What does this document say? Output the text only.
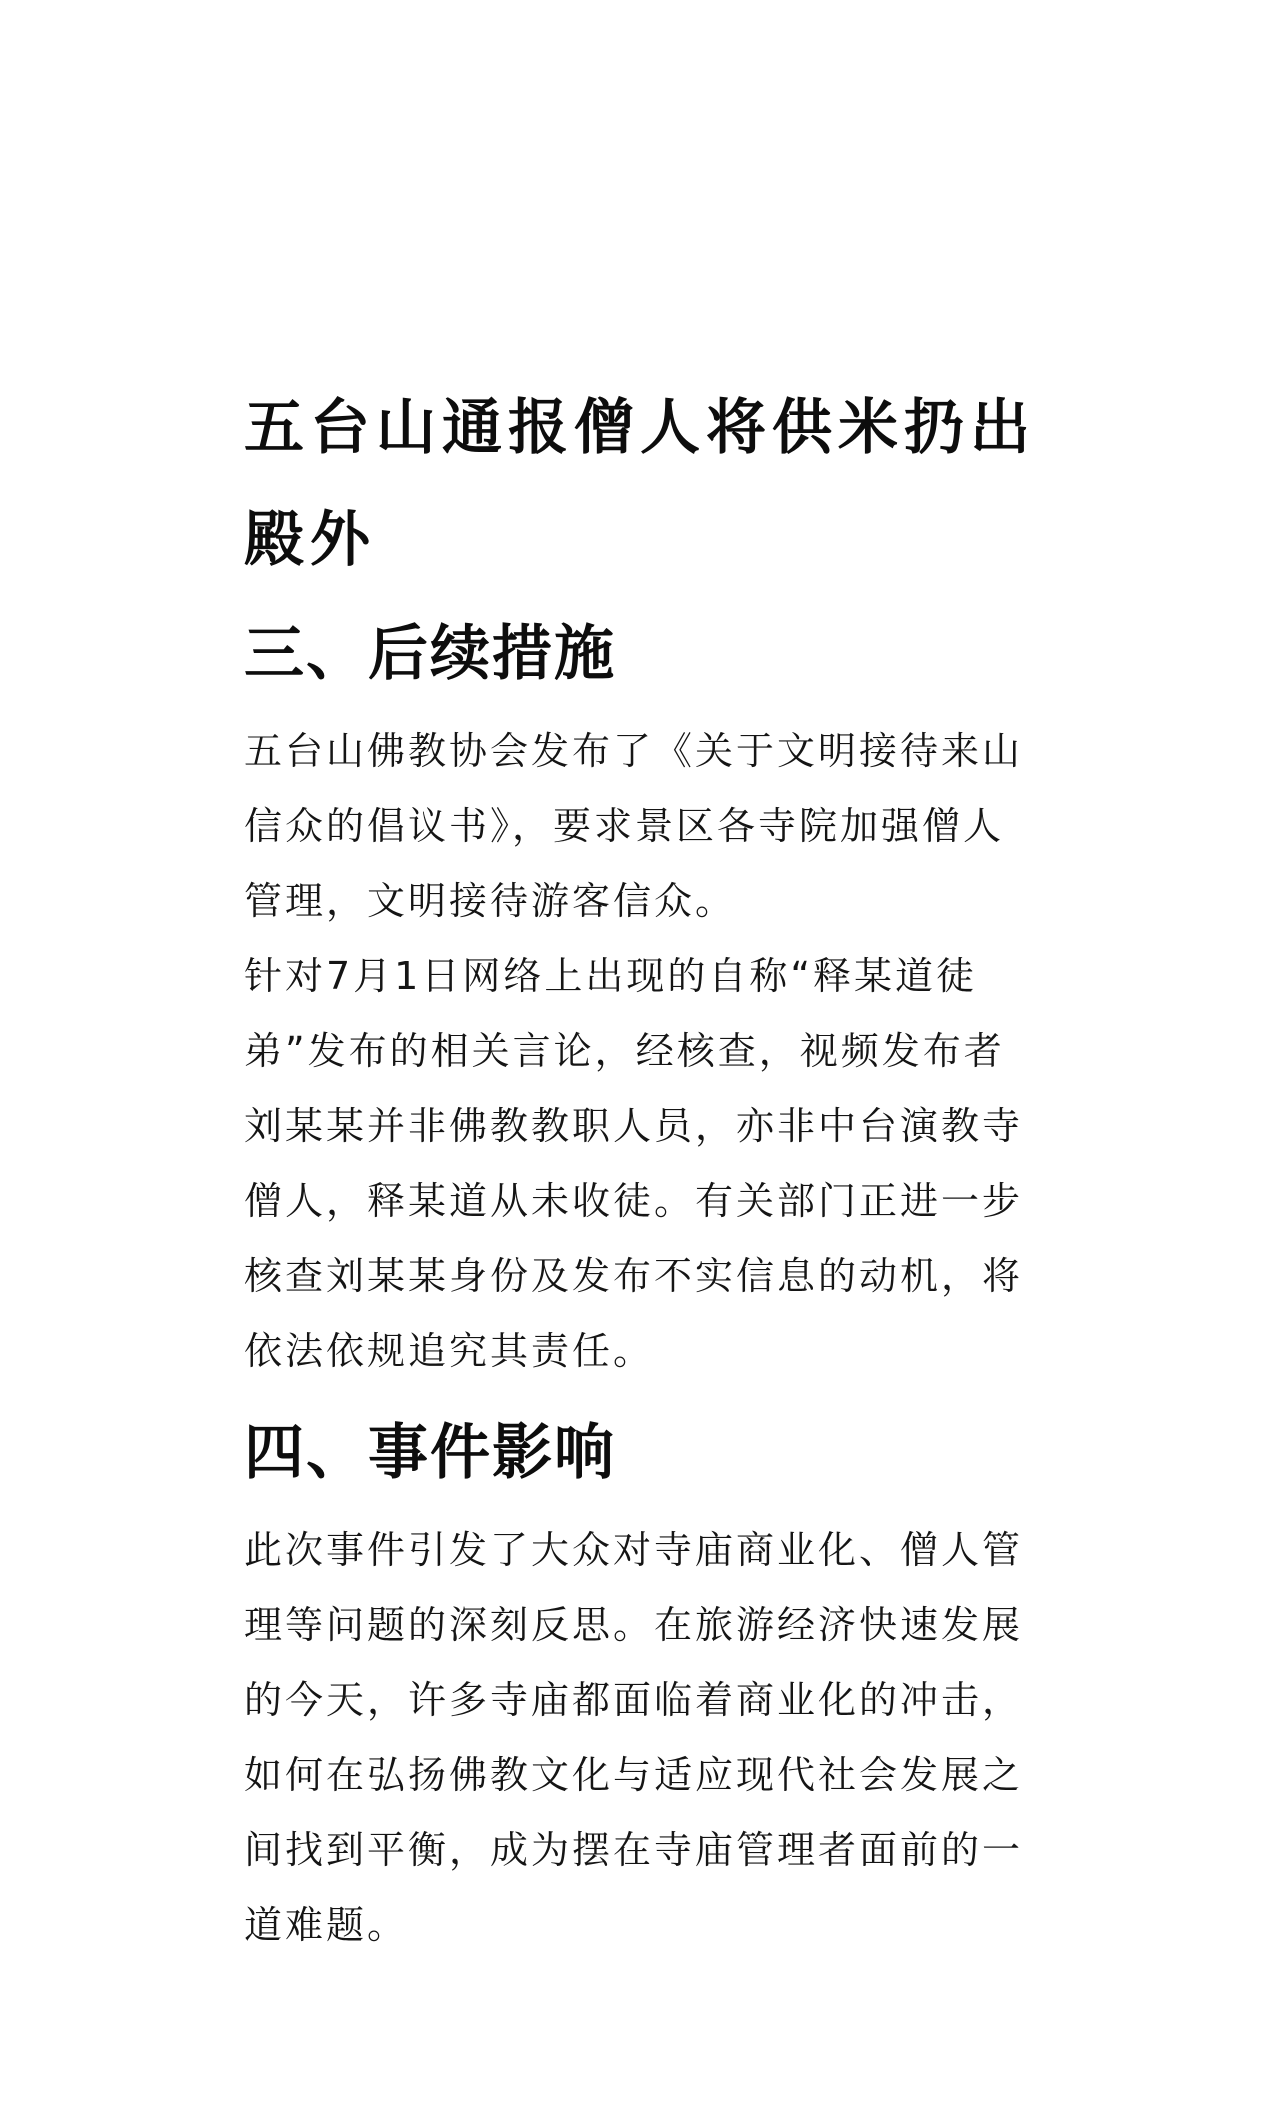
五台山通报僧人将供米扔出殿外
三、后续措施

五台山佛教协会发布了《关于文明接待来山信众的倡议书》，要求景区各寺院加强僧人管理，文明接待游客信众。

针对7月1日网络上出现的自称“释某道徒弟”发布的相关言论，经核查，视频发布者刘某某并非佛教教职人员，亦非中台演教寺僧人，释某道从未收徒。有关部门正进一步核查刘某某身份及发布不实信息的动机，将依法依规追究其责任。

四、事件影响

此次事件引发了大众对寺庙商业化、僧人管理等问题的深刻反思。在旅游经济快速发展的今天，许多寺庙都面临着商业化的冲击，如何在弘扬佛教文化与适应现代社会发展之间找到平衡，成为摆在寺庙管理者面前的一道难题。
